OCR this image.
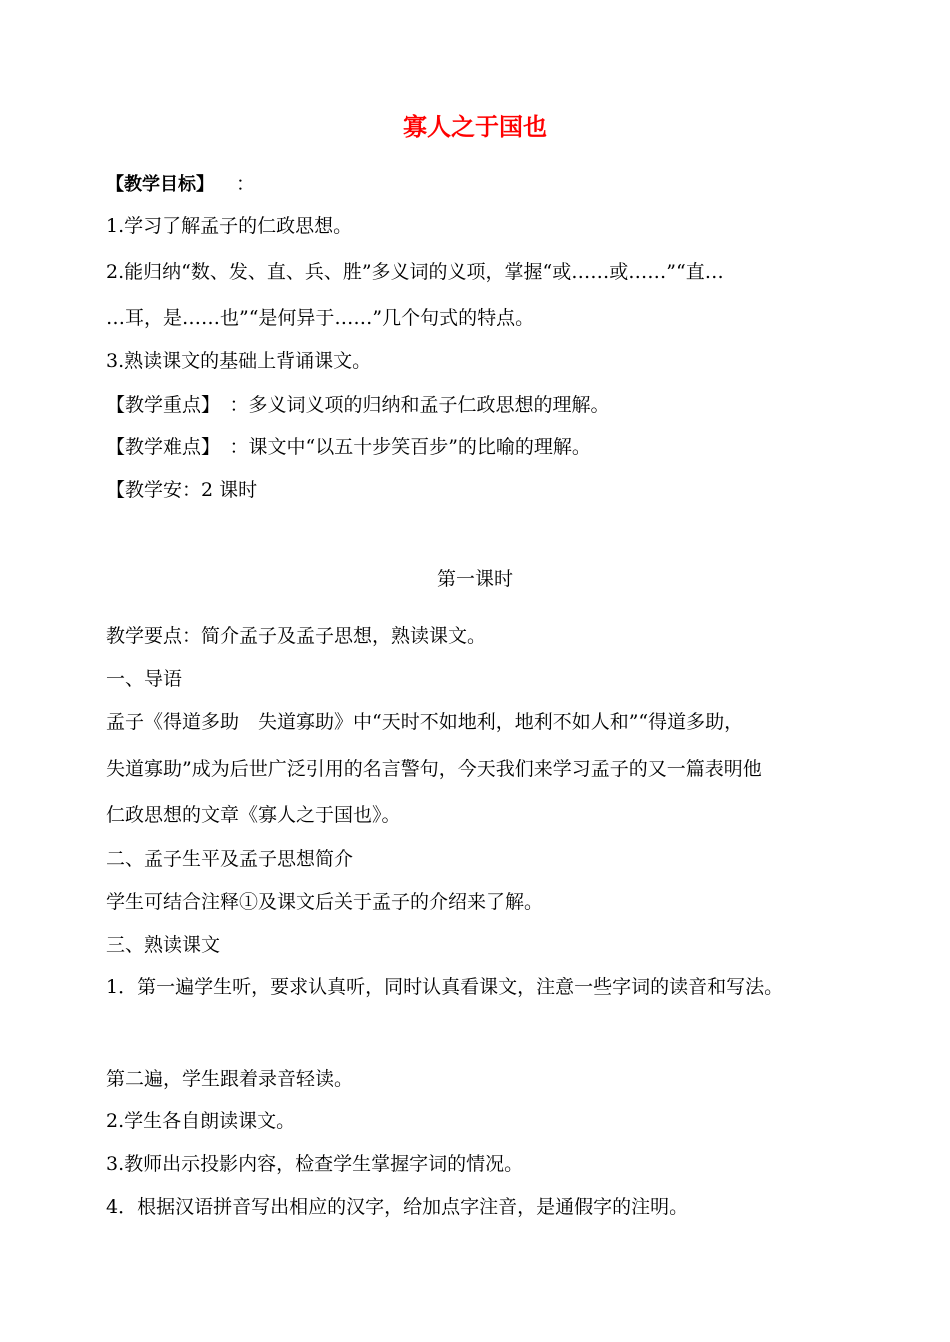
寡人之于国也
【教学目标】 ：
1.学习了解孟子的仁政思想。
2.能归纳“数、发、直、兵、胜”多义词的义项，掌握“或……或……”“直…
…耳，是……也”“是何异于……”几个句式的特点。
3.熟读课文的基础上背诵课文。
【教学重点】　：多义词义项的归纳和孟子仁政思想的理解。
【教学难点】　：课文中“以五十步笑百步”的比喻的理解。
【教学安：2 课时
第一课时
教学要点：简介孟子及孟子思想，熟读课文。
一、导语
孟子《得道多助　失道寡助》中“天时不如地利，地利不如人和”“得道多助，
失道寡助”成为后世广泛引用的名言警句，今天我们来学习孟子的又一篇表明他
仁政思想的文章《寡人之于国也》。
二、孟子生平及孟子思想简介
学生可结合注释①及课文后关于孟子的介绍来了解。
三、熟读课文
1．第一遍学生听，要求认真听，同时认真看课文，注意一些字词的读音和写法。
第二遍，学生跟着录音轻读。
2.学生各自朗读课文。
3.教师出示投影内容，检查学生掌握字词的情况。
4．根据汉语拼音写出相应的汉字，给加点字注音，是通假字的注明。
